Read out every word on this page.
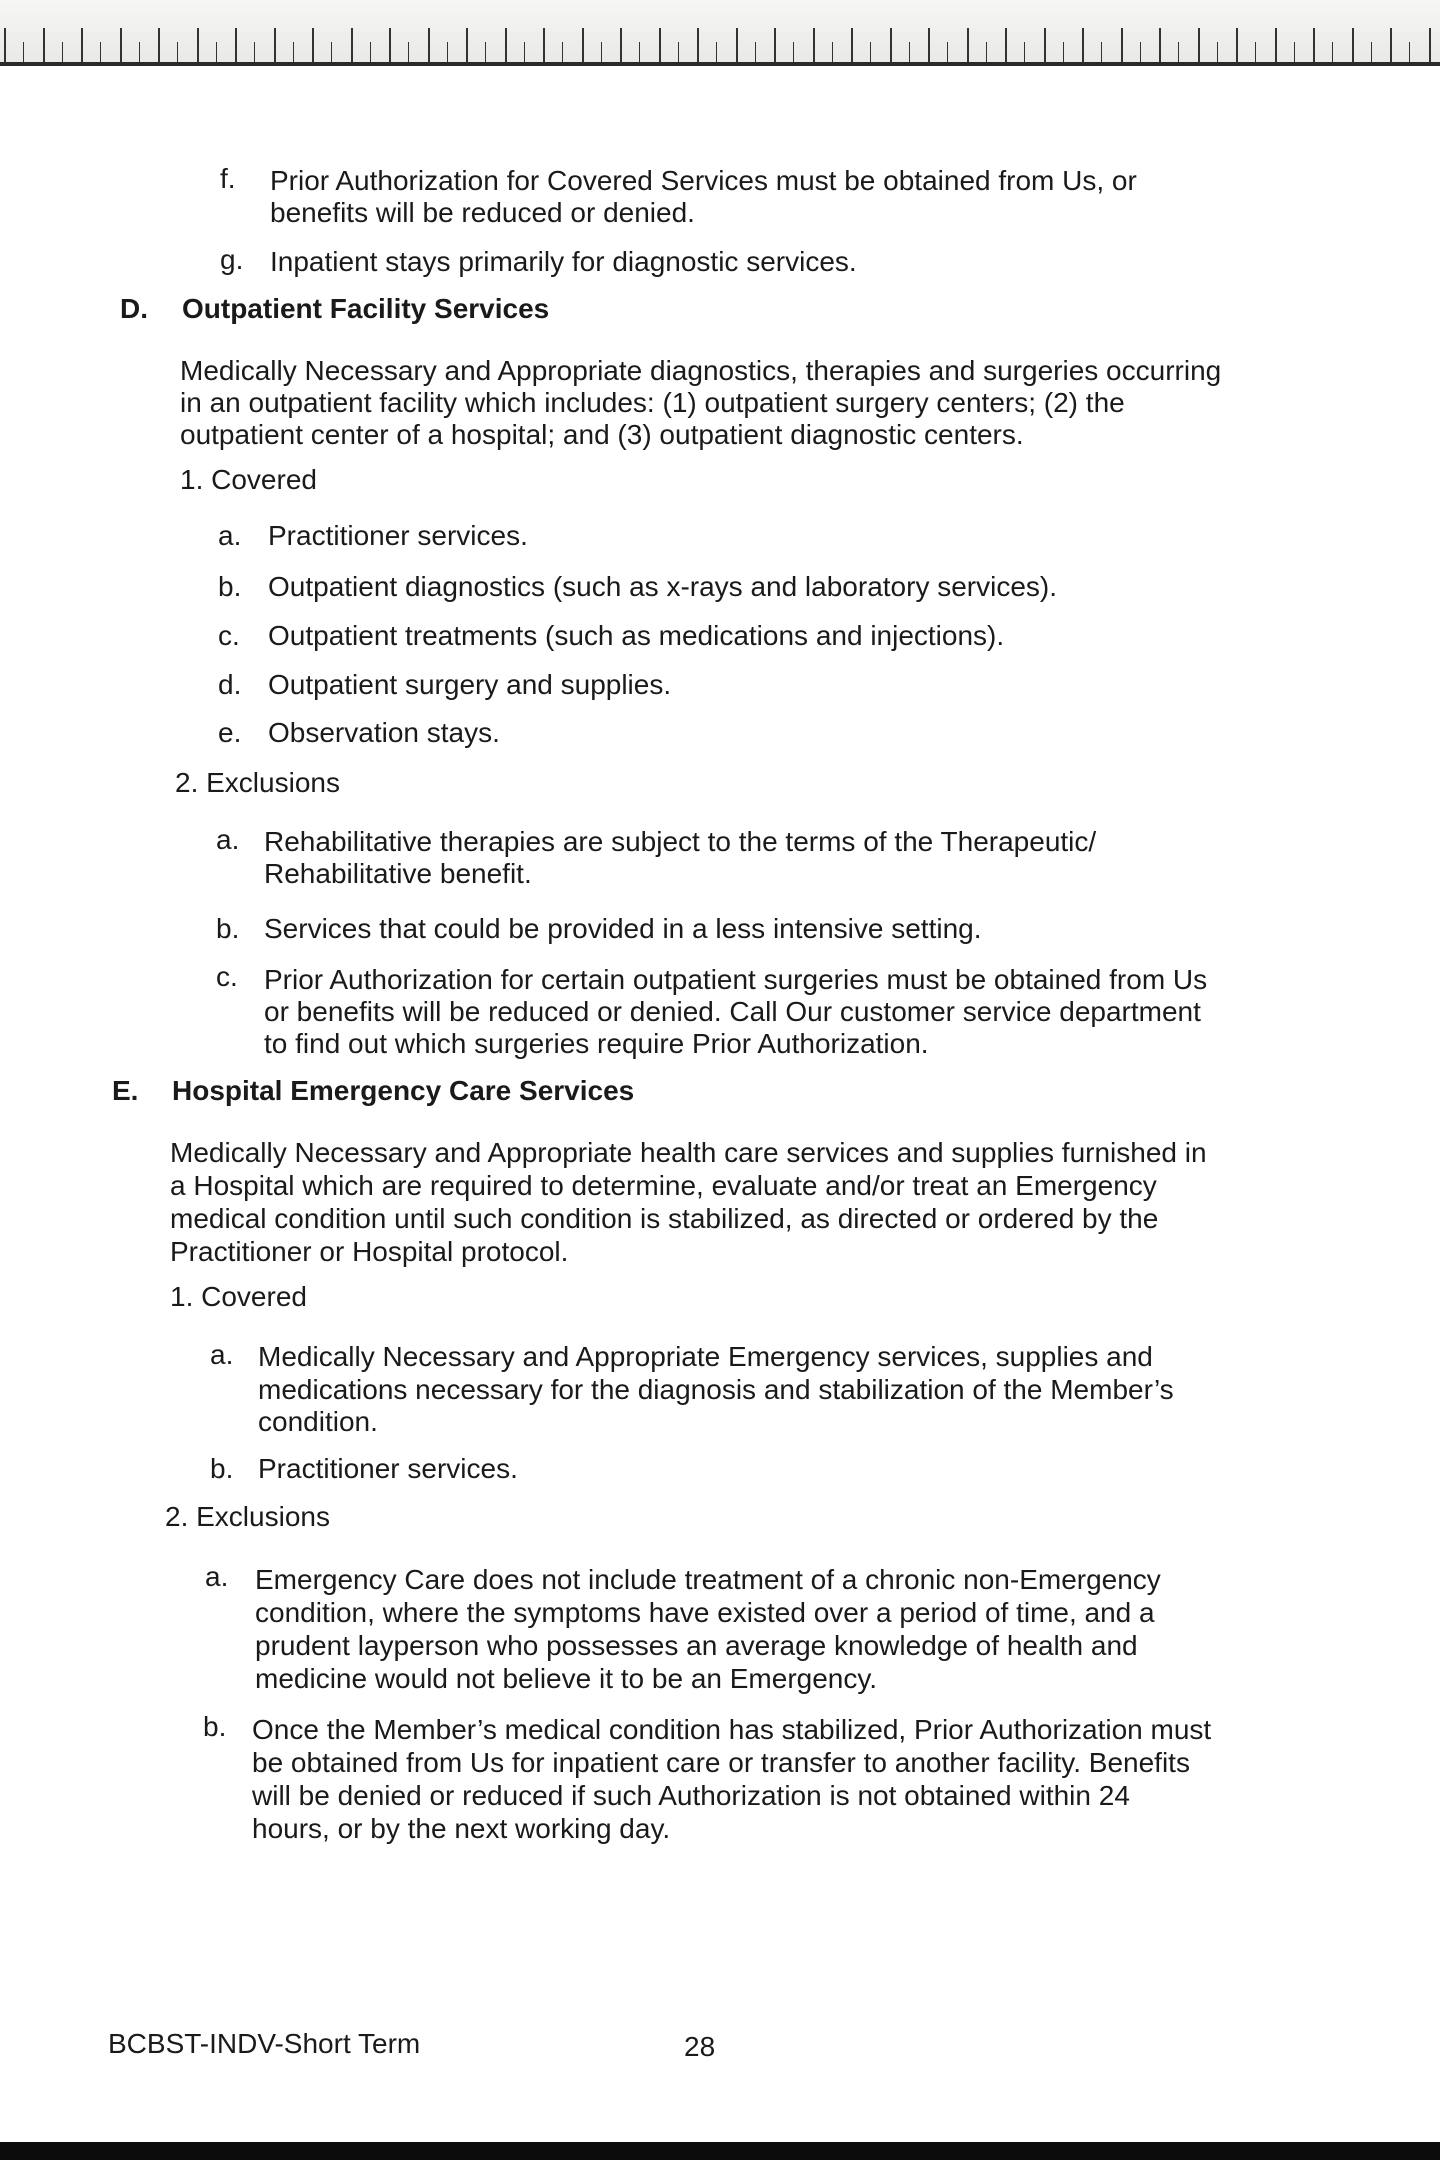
f. Prior Authorization for Covered Services must be obtained from Us, or
benefits will be reduced or denied.
g. Inpatient stays primarily for diagnostic services.
D. Outpatient Facility Services
Medically Necessary and Appropriate diagnostics, therapies and surgeries occurring
in an outpatient facility which includes: (1) outpatient surgery centers; (2) the
outpatient center of a hospital; and (3) outpatient diagnostic centers.
1. Covered
a. Practitioner services.
b. Outpatient diagnostics (such as x-rays and laboratory services).
c. Outpatient treatments (such as medications and injections).
d. Outpatient surgery and supplies.
e. Observation stays.
2. Exclusions
a. Rehabilitative therapies are subject to the terms of the Therapeutic/
Rehabilitative benefit.
b. Services that could be provided in a less intensive setting.
c. Prior Authorization for certain outpatient surgeries must be obtained from Us
or benefits will be reduced or denied. Call Our customer service department
to find out which surgeries require Prior Authorization.
E. Hospital Emergency Care Services
Medically Necessary and Appropriate health care services and supplies furnished in
a Hospital which are required to determine, evaluate and/or treat an Emergency
medical condition until such condition is stabilized, as directed or ordered by the
Practitioner or Hospital protocol.
1. Covered
a. Medically Necessary and Appropriate Emergency services, supplies and
medications necessary for the diagnosis and stabilization of the Member’s
condition.
b. Practitioner services.
2. Exclusions
a. Emergency Care does not include treatment of a chronic non-Emergency
condition, where the symptoms have existed over a period of time, and a
prudent layperson who possesses an average knowledge of health and
medicine would not believe it to be an Emergency.
b. Once the Member’s medical condition has stabilized, Prior Authorization must
be obtained from Us for inpatient care or transfer to another facility. Benefits
will be denied or reduced if such Authorization is not obtained within 24
hours, or by the next working day.
BCBST-INDV-Short Term	28
